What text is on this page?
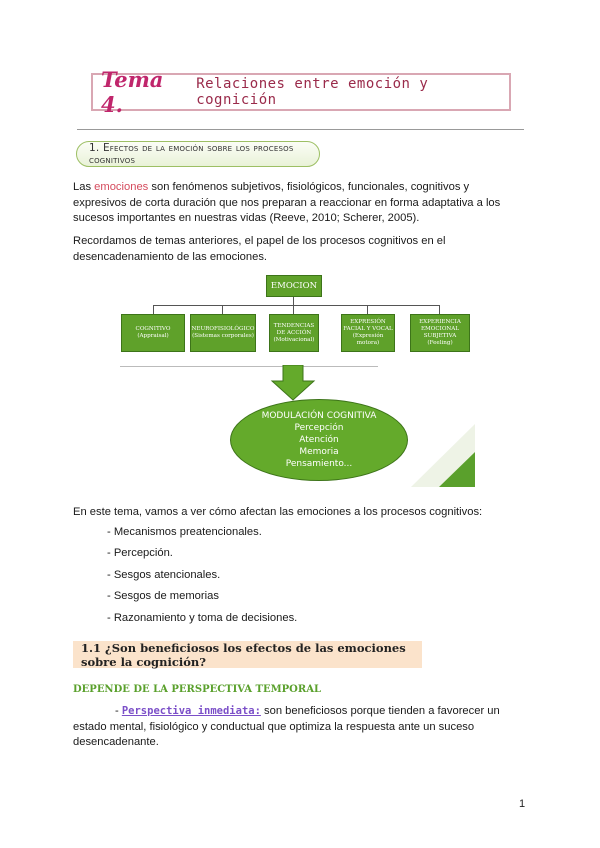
Tema 4.
Relaciones entre emoción y cognición
1. Efectos de la emoción sobre los procesos cognitivos

Las emociones son fenómenos subjetivos, fisiológicos, funcionales, cognitivos y expresivos de corta duración que nos preparan a reaccionar en forma adaptativa a los sucesos importantes en nuestras vidas (Reeve, 2010; Scherer, 2005).

Recordamos de temas anteriores, el papel de los procesos cognitivos en el desencadenamiento de las emociones.

EMOCION
COGNITIVO
(Appraisal)
NEUROFISIOLÓGICO
(Sistemas corporales)
TENDENCIAS DE ACCIÓN
(Motivacional)
EXPRESIÓN FACIAL Y VOCAL
(Expresión motora)
EXPERIENCIA EMOCIONAL SUBJETIVA
(Feeling)
MODULACIÓN COGNITIVA
Percepción
Atención
Memoria
Pensamiento...

En este tema, vamos a ver cómo afectan las emociones a los procesos cognitivos:

- Mecanismos preatencionales.
- Percepción.
- Sesgos atencionales.
- Sesgos de memorias
- Razonamiento y toma de decisiones.
1.1 ¿Son beneficiosos los efectos de las emociones sobre la cognición?
DEPENDE DE LA PERSPECTIVA TEMPORAL

- Perspectiva inmediata: son beneficiosos porque tienden a favorecer un estado mental, fisiológico y conductual que optimiza la respuesta ante un suceso desencadenante.

1
